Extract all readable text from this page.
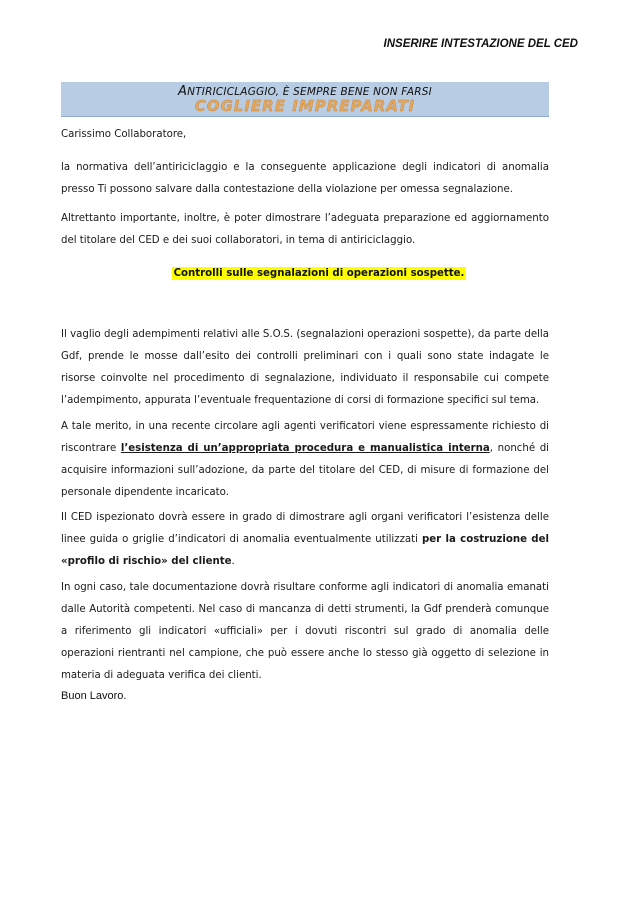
INSERIRE INTESTAZIONE DEL CED
ANTIRICICLAGGIO, È SEMPRE BENE NON FARSI
COGLIERE IMPREPARATI
Carissimo Collaboratore,
la normativa dell’antiriciclaggio e la conseguente applicazione degli indicatori di anomalia presso Ti possono salvare dalla contestazione della violazione per omessa segnalazione.
Altrettanto importante, inoltre, è poter dimostrare l’adeguata preparazione ed aggiornamento del titolare del CED e dei suoi collaboratori, in tema di antiriciclaggio.
Controlli sulle segnalazioni di operazioni sospette.
Il vaglio degli adempimenti relativi alle S.O.S. (segnalazioni operazioni sospette), da parte della Gdf, prende le mosse dall’esito dei controlli preliminari con i quali sono state indagate le risorse coinvolte nel procedimento di segnalazione, individuato il responsabile cui compete l’adempimento, appurata l’eventuale frequentazione di corsi di formazione specifici sul tema.
A tale merito, in una recente circolare agli agenti verificatori viene espressamente richiesto di riscontrare l’esistenza di un’appropriata procedura e manualistica interna, nonché di acquisire informazioni sull’adozione, da parte del titolare del CED, di misure di formazione del personale dipendente incaricato.
Il CED ispezionato dovrà essere in grado di dimostrare agli organi verificatori l’esistenza delle linee guida o griglie d’indicatori di anomalia eventualmente utilizzati per la costruzione del «profilo di rischio» del cliente.
In ogni caso, tale documentazione dovrà risultare conforme agli indicatori di anomalia emanati dalle Autorità competenti. Nel caso di mancanza di detti strumenti, la Gdf prenderà comunque a riferimento gli indicatori «ufficiali» per i dovuti riscontri sul grado di anomalia delle operazioni rientranti nel campione, che può essere anche lo stesso già oggetto di selezione in materia di adeguata verifica dei clienti.
Buon Lavoro.
